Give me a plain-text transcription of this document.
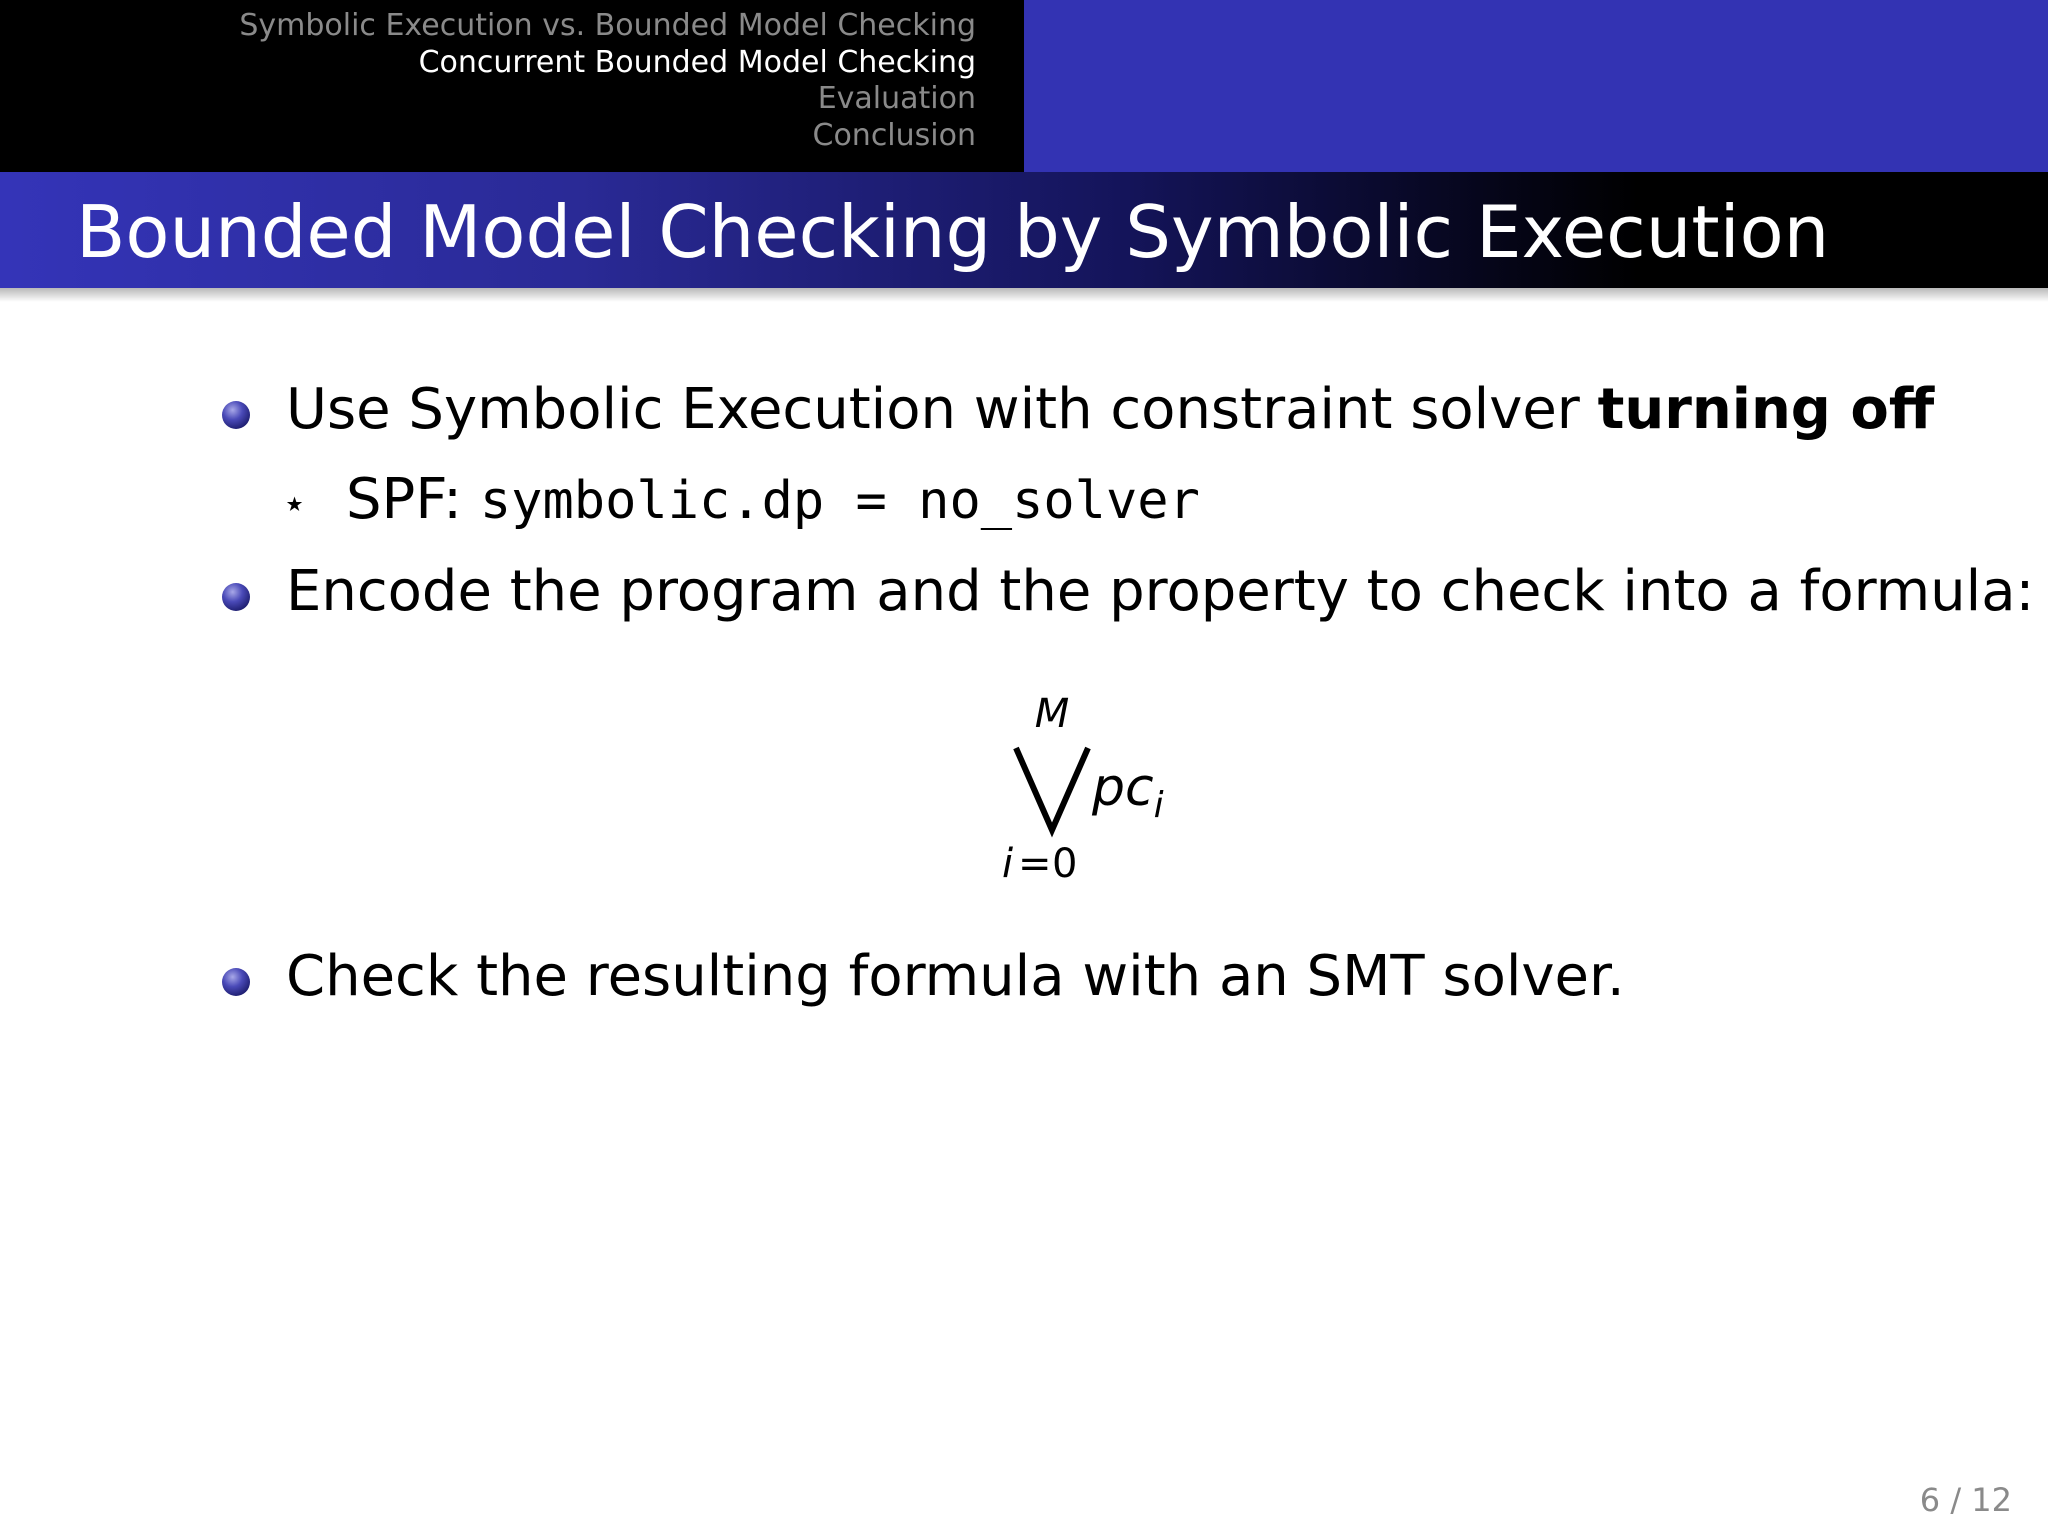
Symbolic Execution vs. Bounded Model Checking
Concurrent Bounded Model Checking
Evaluation
Conclusion
Bounded Model Checking by Symbolic Execution
Use Symbolic Execution with constraint solver turning off
⋆ SPF: symbolic.dp = no_solver
Encode the program and the property to check into a formula:
M
$pc_i$
i = 0
Check the resulting formula with an SMT solver.
6 / 12
